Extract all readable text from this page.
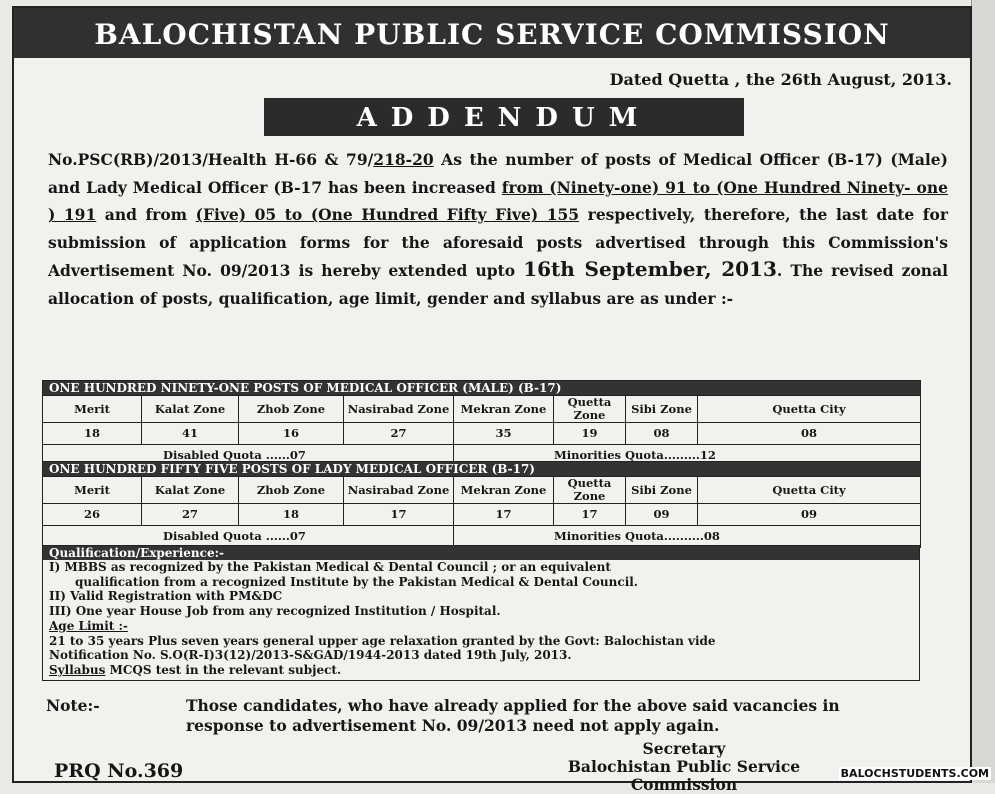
BALOCHISTAN PUBLIC SERVICE COMMISSION
Dated Quetta , the 26th August, 2013.
ADDENDUM
No.PSC(RB)/2013/Health H-66 & 79/218-20 As the number of posts of Medical Officer (B-17) (Male) and Lady Medical Officer (B-17 has been increased from (Ninety-one) 91 to (One Hundred Ninety- one ) 191 and from (Five) 05 to (One Hundred Fifty Five) 155 respectively, therefore, the last date for submission of application forms for the aforesaid posts advertised through this Commission's Advertisement No. 09/2013 is hereby extended upto 16th September, 2013. The revised zonal allocation of posts, qualification, age limit, gender and syllabus are as under :-
ONE HUNDRED NINETY-ONE POSTS OF MEDICAL OFFICER (MALE) (B-17)							
Merit	Kalat Zone	Zhob Zone	Nasirabad Zone	Mekran Zone	Quetta Zone	Sibi Zone	Quetta City
18	41	16	27	35	19	08	08
Disabled Quota ......07				Minorities Quota.........12			
ONE HUNDRED FIFTY FIVE POSTS OF LADY MEDICAL OFFICER (B-17)							
Merit	Kalat Zone	Zhob Zone	Nasirabad Zone	Mekran Zone	Quetta Zone	Sibi Zone	Quetta City
26	27	18	17	17	17	09	09
Disabled Quota ......07				Minorities Quota..........08			
Qualification/Experience:-
I) MBBS as recognized by the Pakistan Medical & Dental Council ; or an equivalent
qualification from a recognized Institute by the Pakistan Medical & Dental Council.
II) Valid Registration with PM&DC
III) One year House Job from any recognized Institution / Hospital.
Age Limit :-
21 to 35 years Plus seven years general upper age relaxation granted by the Govt: Balochistan vide
Notification No. S.O(R-I)3(12)/2013-S&GAD/1944-2013 dated 19th July, 2013.
Syllabus MCQS test in the relevant subject.
Note:-	Those candidates, who have already applied for the above said vacancies in response to advertisement No. 09/2013 need not apply again.
Secretary
Balochistan Public Service
Commission
PRQ No.369	BALOCHSTUDENTS.COM
